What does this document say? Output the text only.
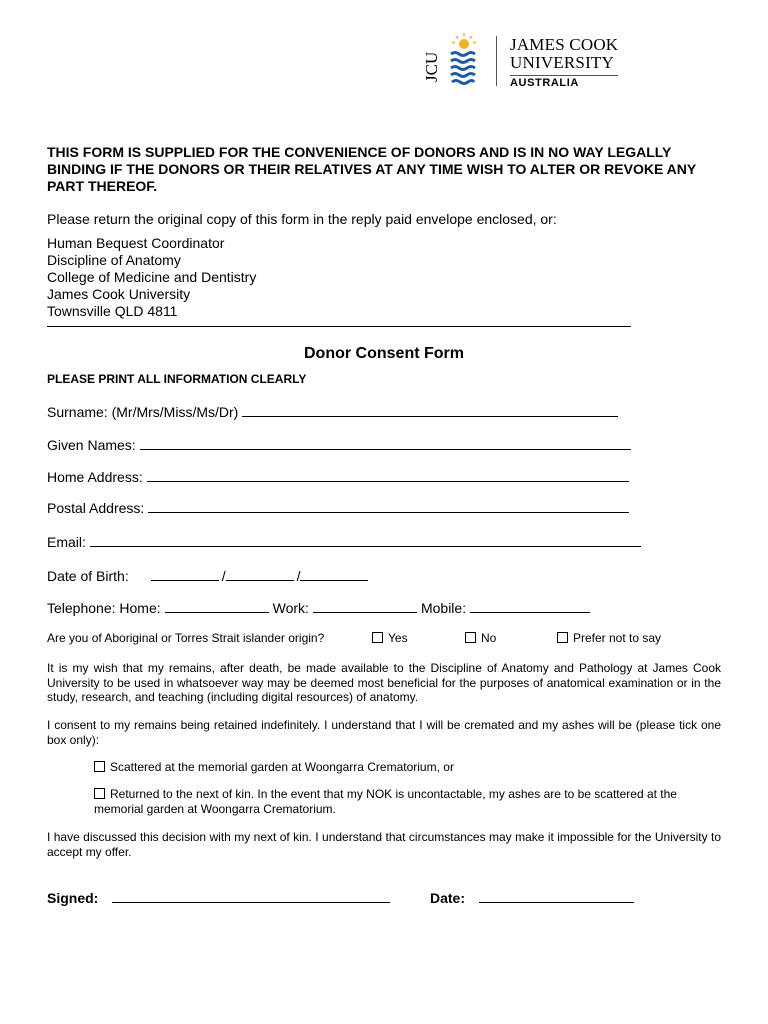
JCU
JAMES COOK
UNIVERSITY
AUSTRALIA
THIS FORM IS SUPPLIED FOR THE CONVENIENCE OF DONORS AND IS IN NO WAY LEGALLY BINDING IF THE DONORS OR THEIR RELATIVES AT ANY TIME WISH TO ALTER OR REVOKE ANY PART THEREOF.
Please return the original copy of this form in the reply paid envelope enclosed, or:
Human Bequest Coordinator
Discipline of Anatomy
College of Medicine and Dentistry
James Cook University
Townsville QLD 4811
Donor Consent Form
PLEASE PRINT ALL INFORMATION CLEARLY
Surname: (Mr/Mrs/Miss/Ms/Dr)
Given Names:
Home Address:
Postal Address:
Email:
Date of Birth:	/	/
Telephone: Home:	Work:	Mobile:
Are you of Aboriginal or Torres Strait islander origin?	Yes	No	Prefer not to say
It is my wish that my remains, after death, be made available to the Discipline of Anatomy and Pathology at James Cook University to be used in whatsoever way may be deemed most beneficial for the purposes of anatomical examination or in the study, research, and teaching (including digital resources) of anatomy.
I consent to my remains being retained indefinitely. I understand that I will be cremated and my ashes will be (please tick one box only):
Scattered at the memorial garden at Woongarra Crematorium, or
Returned to the next of kin. In the event that my NOK is uncontactable, my ashes are to be scattered at the memorial garden at Woongarra Crematorium.
I have discussed this decision with my next of kin. I understand that circumstances may make it impossible for the University to accept my offer.
Signed:	Date:
